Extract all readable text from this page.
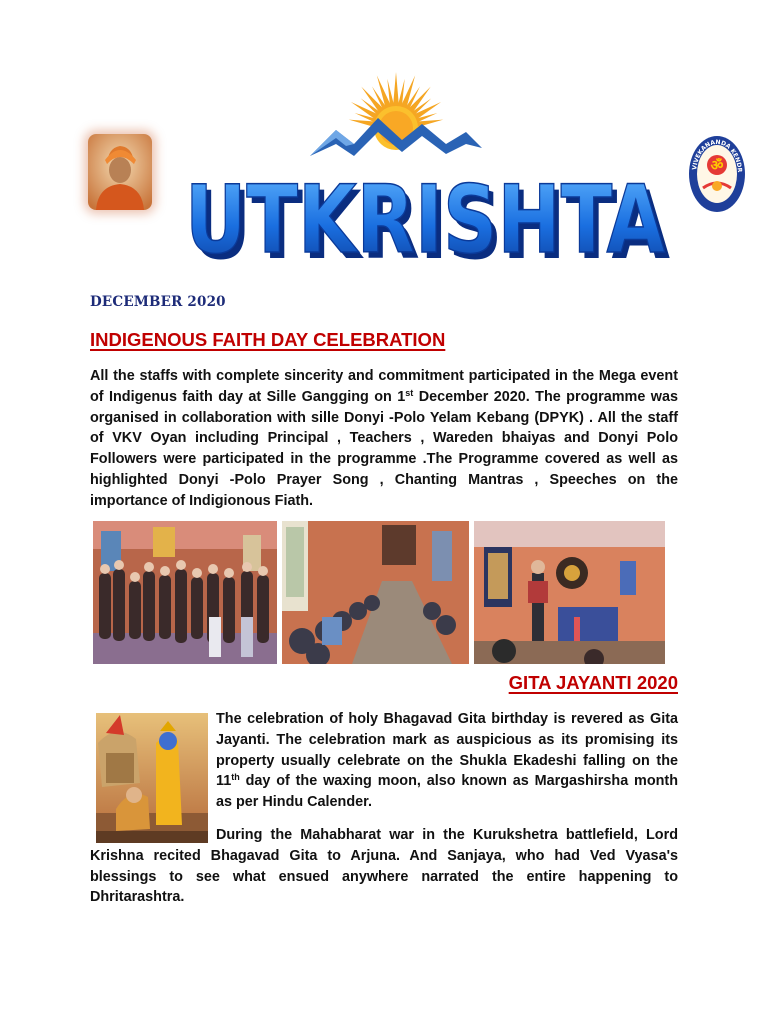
UTKRISHTA
UTKRISHTA	VIVEKANANDA KENDR
ॐ
DECEMBER 2020
INDIGENOUS FAITH DAY CELEBRATION
All the staffs with complete sincerity and commitment participated in the Mega event of Indigenus faith day at Sille Gangging on 1st December 2020. The programme was organised in collaboration with sille Donyi -Polo Yelam Kebang (DPYK) . All the staff of VKV Oyan including Principal , Teachers , Wareden bhaiyas and Donyi Polo Followers were participated in the programme .The Programme covered as well as highlighted Donyi -Polo Prayer Song , Chanting Mantras , Speeches on the importance of Indigionous Fiath.
GITA JAYANTI 2020
The celebration of holy Bhagavad Gita birthday is revered as Gita Jayanti. The celebration mark as auspicious as its promising its property usually celebrate on the Shukla Ekadeshi falling on the 11th day of the waxing moon, also known as Margashirsha month as per Hindu Calender.
During the Mahabharat war in the Kurukshetra battlefield, Lord Krishna recited Bhagavad Gita to Arjuna. And Sanjaya, who had Ved Vyasa's blessings to see what ensued anywhere narrated the entire happening to Dhritarashtra.
